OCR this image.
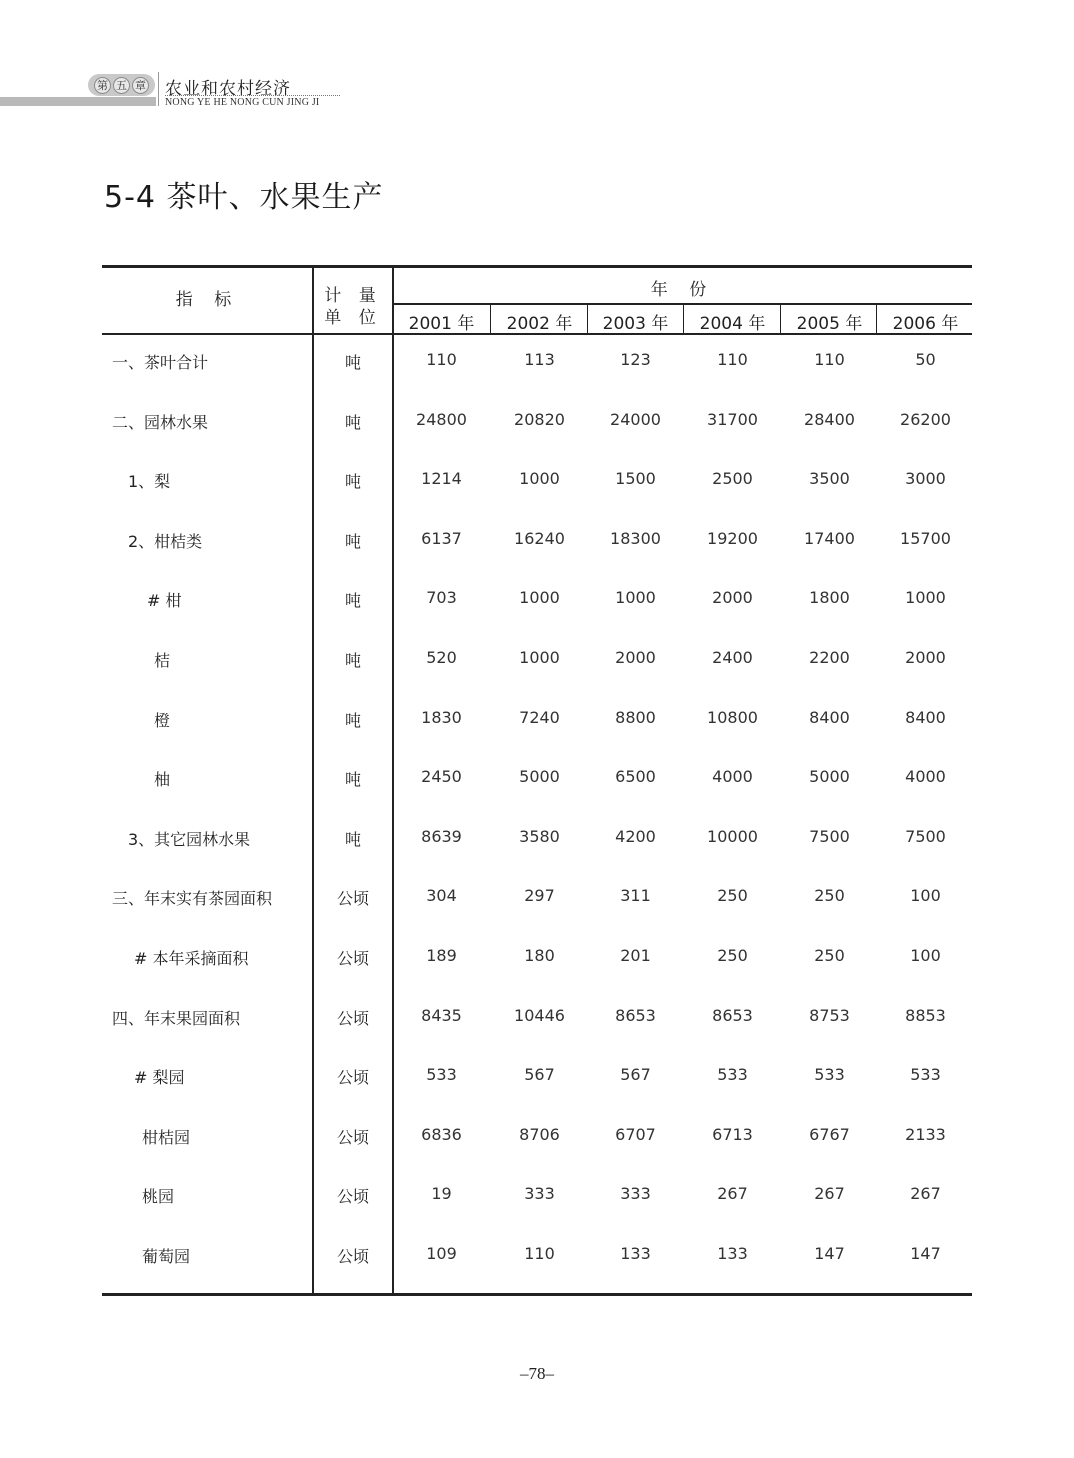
第 五 章 农业和农村经济
NONG YE HE NONG CUN JING JI
5-4 茶叶、水果生产
指 标	计 量
单 位
年 份
2001 年	2002 年	2003 年	2004 年	2005 年	2006 年
一、茶叶合计	吨	110	113	123	110	110	50
二、园林水果	吨	24800	20820	24000	31700	28400	26200
1、梨	吨	1214	1000	1500	2500	3500	3000
2、柑桔类	吨	6137	16240	18300	19200	17400	15700
# 柑	吨	703	1000	1000	2000	1800	1000
桔	吨	520	1000	2000	2400	2200	2000
橙	吨	1830	7240	8800	10800	8400	8400
柚	吨	2450	5000	6500	4000	5000	4000
3、其它园林水果	吨	8639	3580	4200	10000	7500	7500
三、年末实有茶园面积	公顷	304	297	311	250	250	100
# 本年采摘面积	公顷	189	180	201	250	250	100
四、年末果园面积	公顷	8435	10446	8653	8653	8753	8853
# 梨园	公顷	533	567	567	533	533	533
柑桔园	公顷	6836	8706	6707	6713	6767	2133
桃园	公顷	19	333	333	267	267	267
葡萄园	公顷	109	110	133	133	147	147
–78–
